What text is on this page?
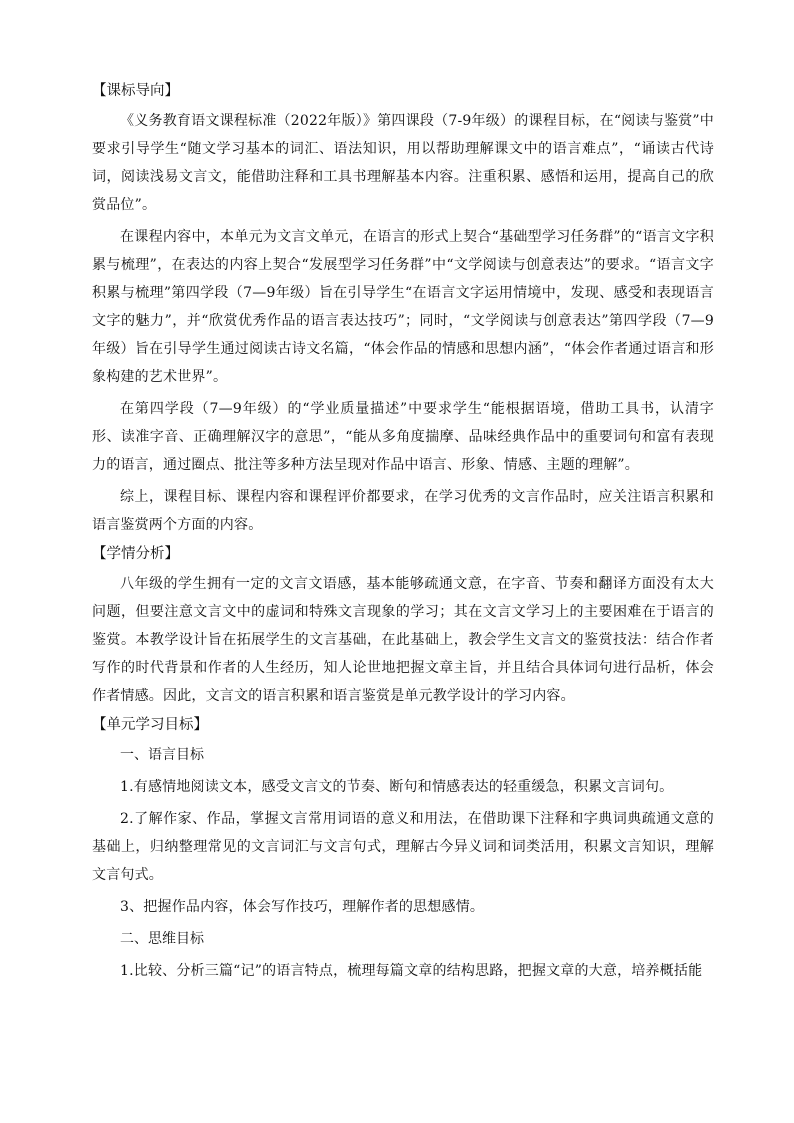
【课标导向】

《义务教育语文课程标准（2022年版）》第四课段（7-9年级）的课程目标，在“阅读与鉴赏”中要求引导学生“随文学习基本的词汇、语法知识，用以帮助理解课文中的语言难点”，“诵读古代诗词，阅读浅易文言文，能借助注释和工具书理解基本内容。注重积累、感悟和运用，提高自己的欣赏品位”。

在课程内容中，本单元为文言文单元，在语言的形式上契合“基础型学习任务群”的“语言文字积累与梳理”，在表达的内容上契合“发展型学习任务群”中“文学阅读与创意表达”的要求。“语言文字积累与梳理”第四学段（7—9年级）旨在引导学生“在语言文字运用情境中，发现、感受和表现语言文字的魅力”，并“欣赏优秀作品的语言表达技巧”；同时，“文学阅读与创意表达”第四学段（7—9年级）旨在引导学生通过阅读古诗文名篇，“体会作品的情感和思想内涵”，“体会作者通过语言和形象构建的艺术世界”。

在第四学段（7—9年级）的“学业质量描述”中要求学生“能根据语境，借助工具书，认清字形、读准字音、正确理解汉字的意思”，“能从多角度揣摩、品味经典作品中的重要词句和富有表现力的语言，通过圈点、批注等多种方法呈现对作品中语言、形象、情感、主题的理解”。

综上，课程目标、课程内容和课程评价都要求，在学习优秀的文言作品时，应关注语言积累和语言鉴赏两个方面的内容。

【学情分析】

八年级的学生拥有一定的文言文语感，基本能够疏通文意，在字音、节奏和翻译方面没有太大问题，但要注意文言文中的虚词和特殊文言现象的学习；其在文言文学习上的主要困难在于语言的鉴赏。本教学设计旨在拓展学生的文言基础，在此基础上，教会学生文言文的鉴赏技法：结合作者写作的时代背景和作者的人生经历，知人论世地把握文章主旨，并且结合具体词句进行品析，体会作者情感。因此，文言文的语言积累和语言鉴赏是单元教学设计的学习内容。

【单元学习目标】

一、语言目标

1.有感情地阅读文本，感受文言文的节奏、断句和情感表达的轻重缓急，积累文言词句。

2.了解作家、作品，掌握文言常用词语的意义和用法，在借助课下注释和字典词典疏通文意的基础上，归纳整理常见的文言词汇与文言句式，理解古今异义词和词类活用，积累文言知识，理解文言句式。

3、把握作品内容，体会写作技巧，理解作者的思想感情。

二、思维目标

1.比较、分析三篇“记”的语言特点，梳理每篇文章的结构思路，把握文章的大意，培养概括能
